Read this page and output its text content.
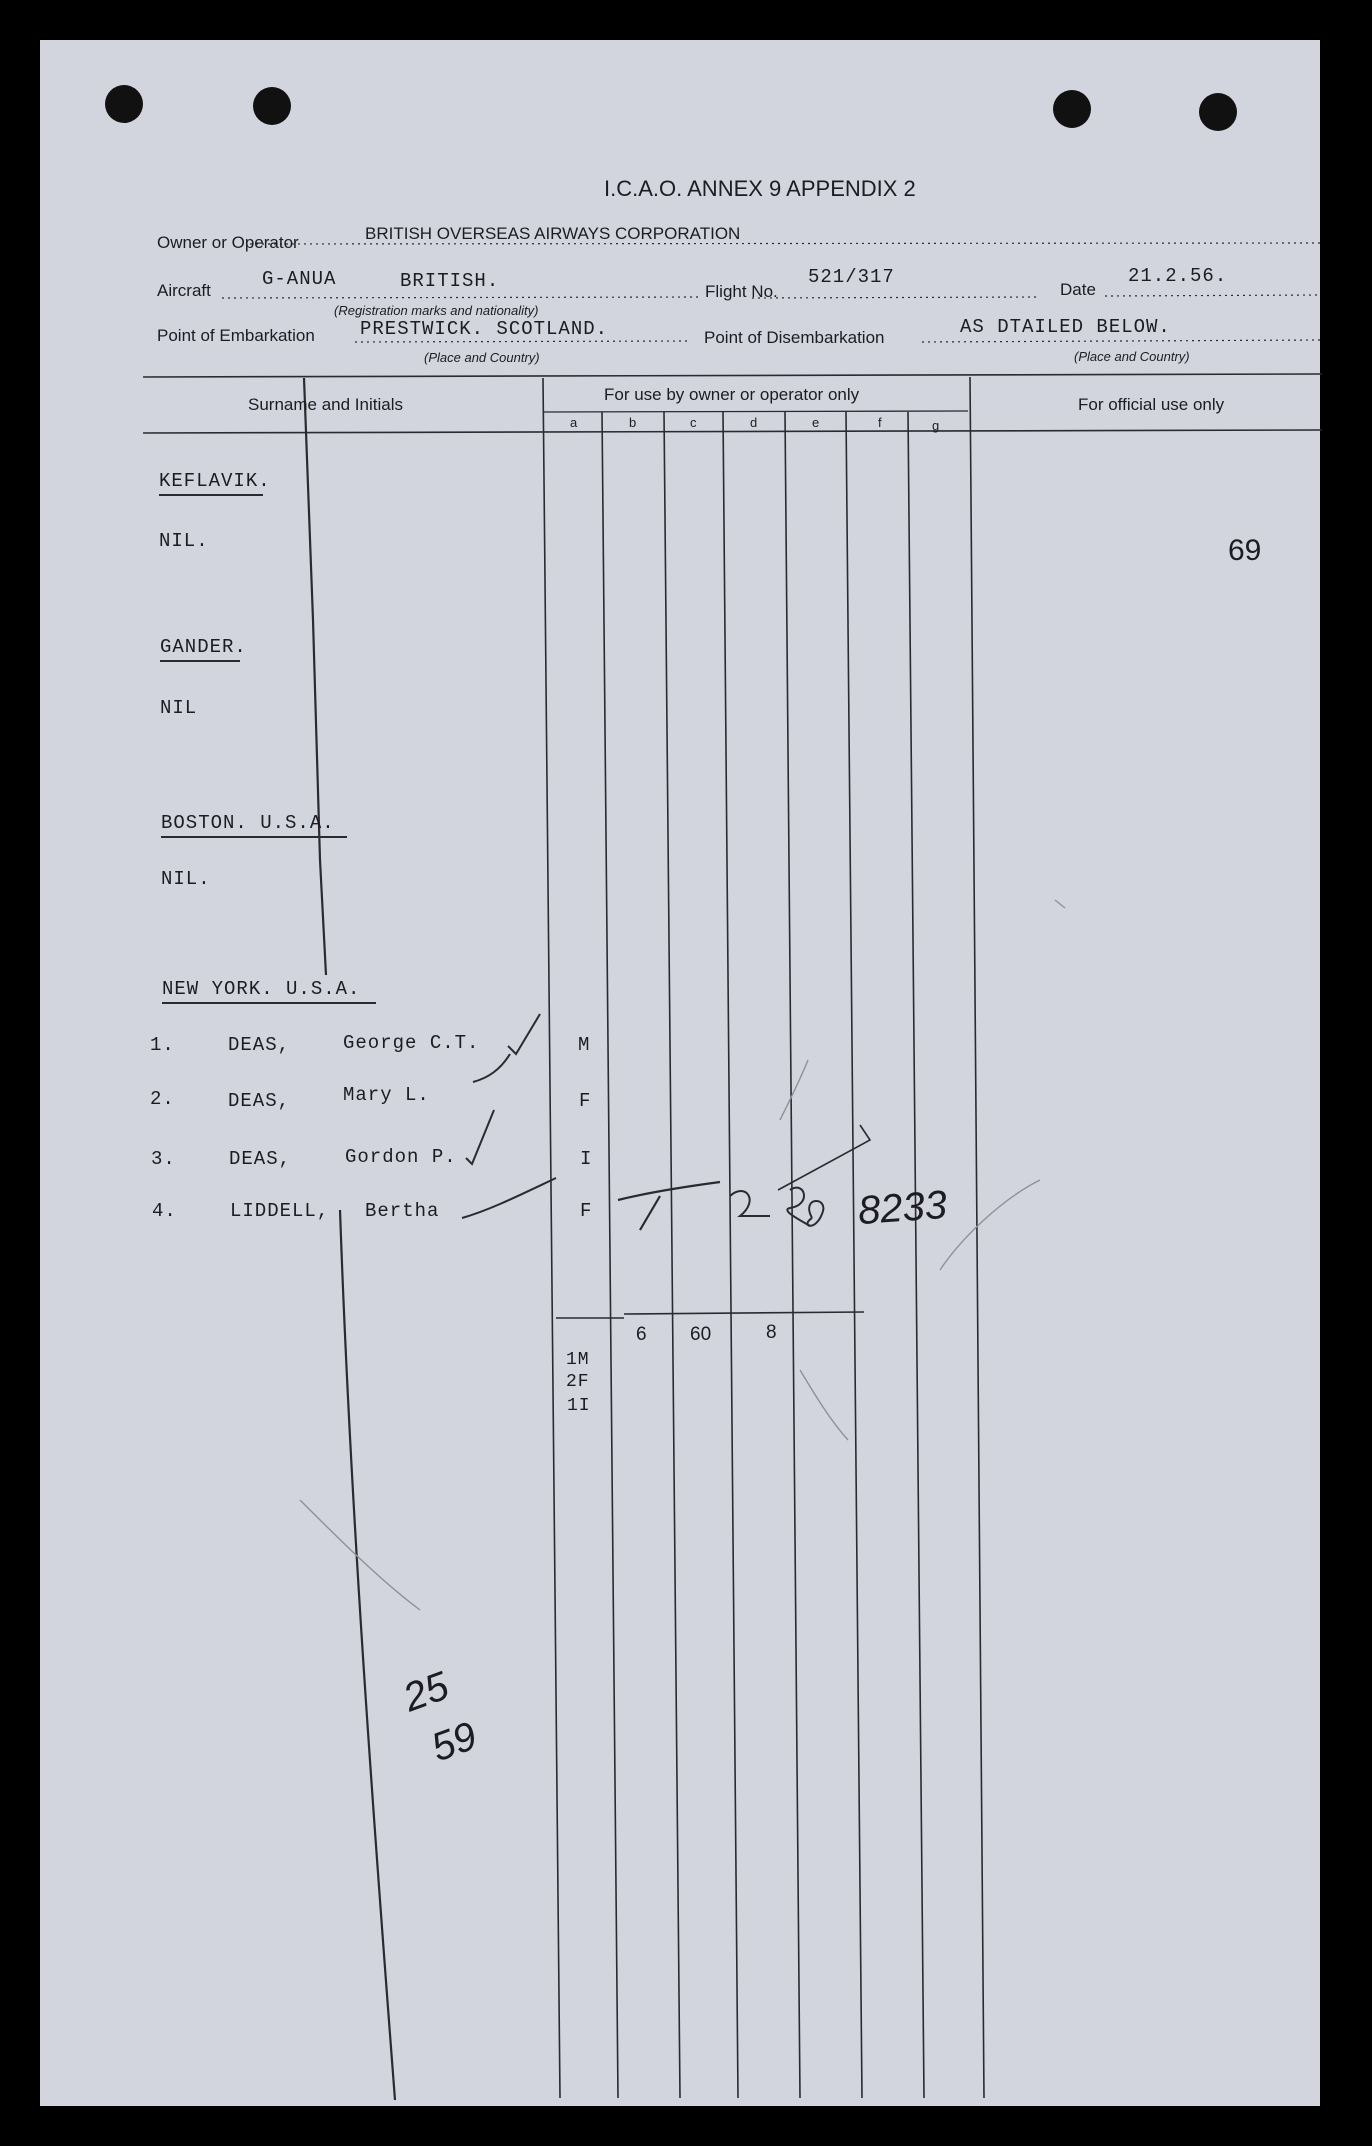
I.C.A.O. ANNEX 9 APPENDIX 2
Owner or Operator	BRITISH OVERSEAS AIRWAYS CORPORATION
Aircraft
G-ANUA	BRITISH.
(Registration marks and nationality)
Flight No.
521/317
Date
21.2.56.
Point of Embarkation PRESTWICK. SCOTLAND.
(Place and Country)
Point of Disembarkation	AS DTAILED BELOW.
(Place and Country)
Surname and Initials
For use by owner or operator only
For official use only
a	b	c	d	e	f	g
KEFLAVIK.
NIL.
GANDER.
NIL
BOSTON. U.S.A.
NIL.
NEW YORK. U.S.A.
1.	DEAS,	George C.T.	M
2.	DEAS,	Mary L.	F
3.	DEAS,	Gordon P.	I
4.	LIDDELL, Bertha	F
69
1M
2F
1I
6 60	8
8233
25
59
